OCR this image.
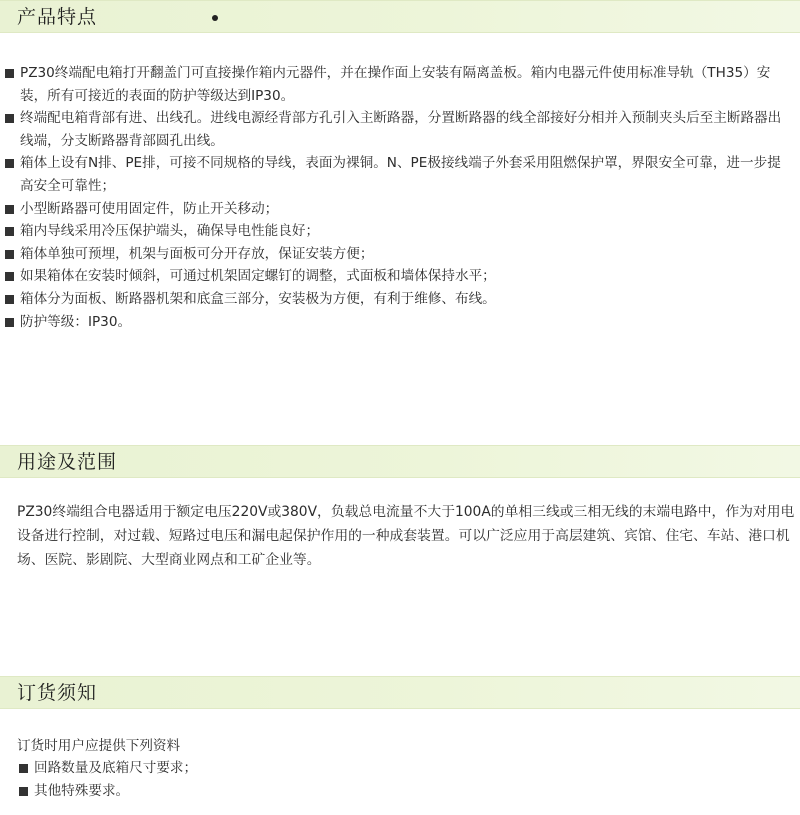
产品特点
PZ30终端配电箱打开翻盖门可直接操作箱内元器件，并在操作面上安装有隔离盖板。箱内电器元件使用标准导轨（TH35）安装，所有可接近的表面的防护等级达到IP30。
终端配电箱背部有进、出线孔。进线电源经背部方孔引入主断路器，分置断路器的线全部接好分相并入预制夹头后至主断路器出线端，分支断路器背部圆孔出线。
箱体上设有N排、PE排，可接不同规格的导线，表面为裸铜。N、PE极接线端子外套采用阻燃保护罩，界限安全可靠，进一步提高安全可靠性；
小型断路器可使用固定件，防止开关移动；
箱内导线采用冷压保护端头，确保导电性能良好；
箱体单独可预埋，机架与面板可分开存放，保证安装方便；
如果箱体在安装时倾斜，可通过机架固定螺钉的调整，式面板和墙体保持水平；
箱体分为面板、断路器机架和底盒三部分，安装极为方便，有利于维修、布线。
防护等级：IP30。
用途及范围
PZ30终端组合电器适用于额定电压220V或380V，负载总电流量不大于100A的单相三线或三相无线的末端电路中，作为对用电设备进行控制，对过载、短路过电压和漏电起保护作用的一种成套装置。可以广泛应用于高层建筑、宾馆、住宅、车站、港口机场、医院、影剧院、大型商业网点和工矿企业等。
订货须知
订货时用户应提供下列资料
回路数量及底箱尺寸要求；
其他特殊要求。
